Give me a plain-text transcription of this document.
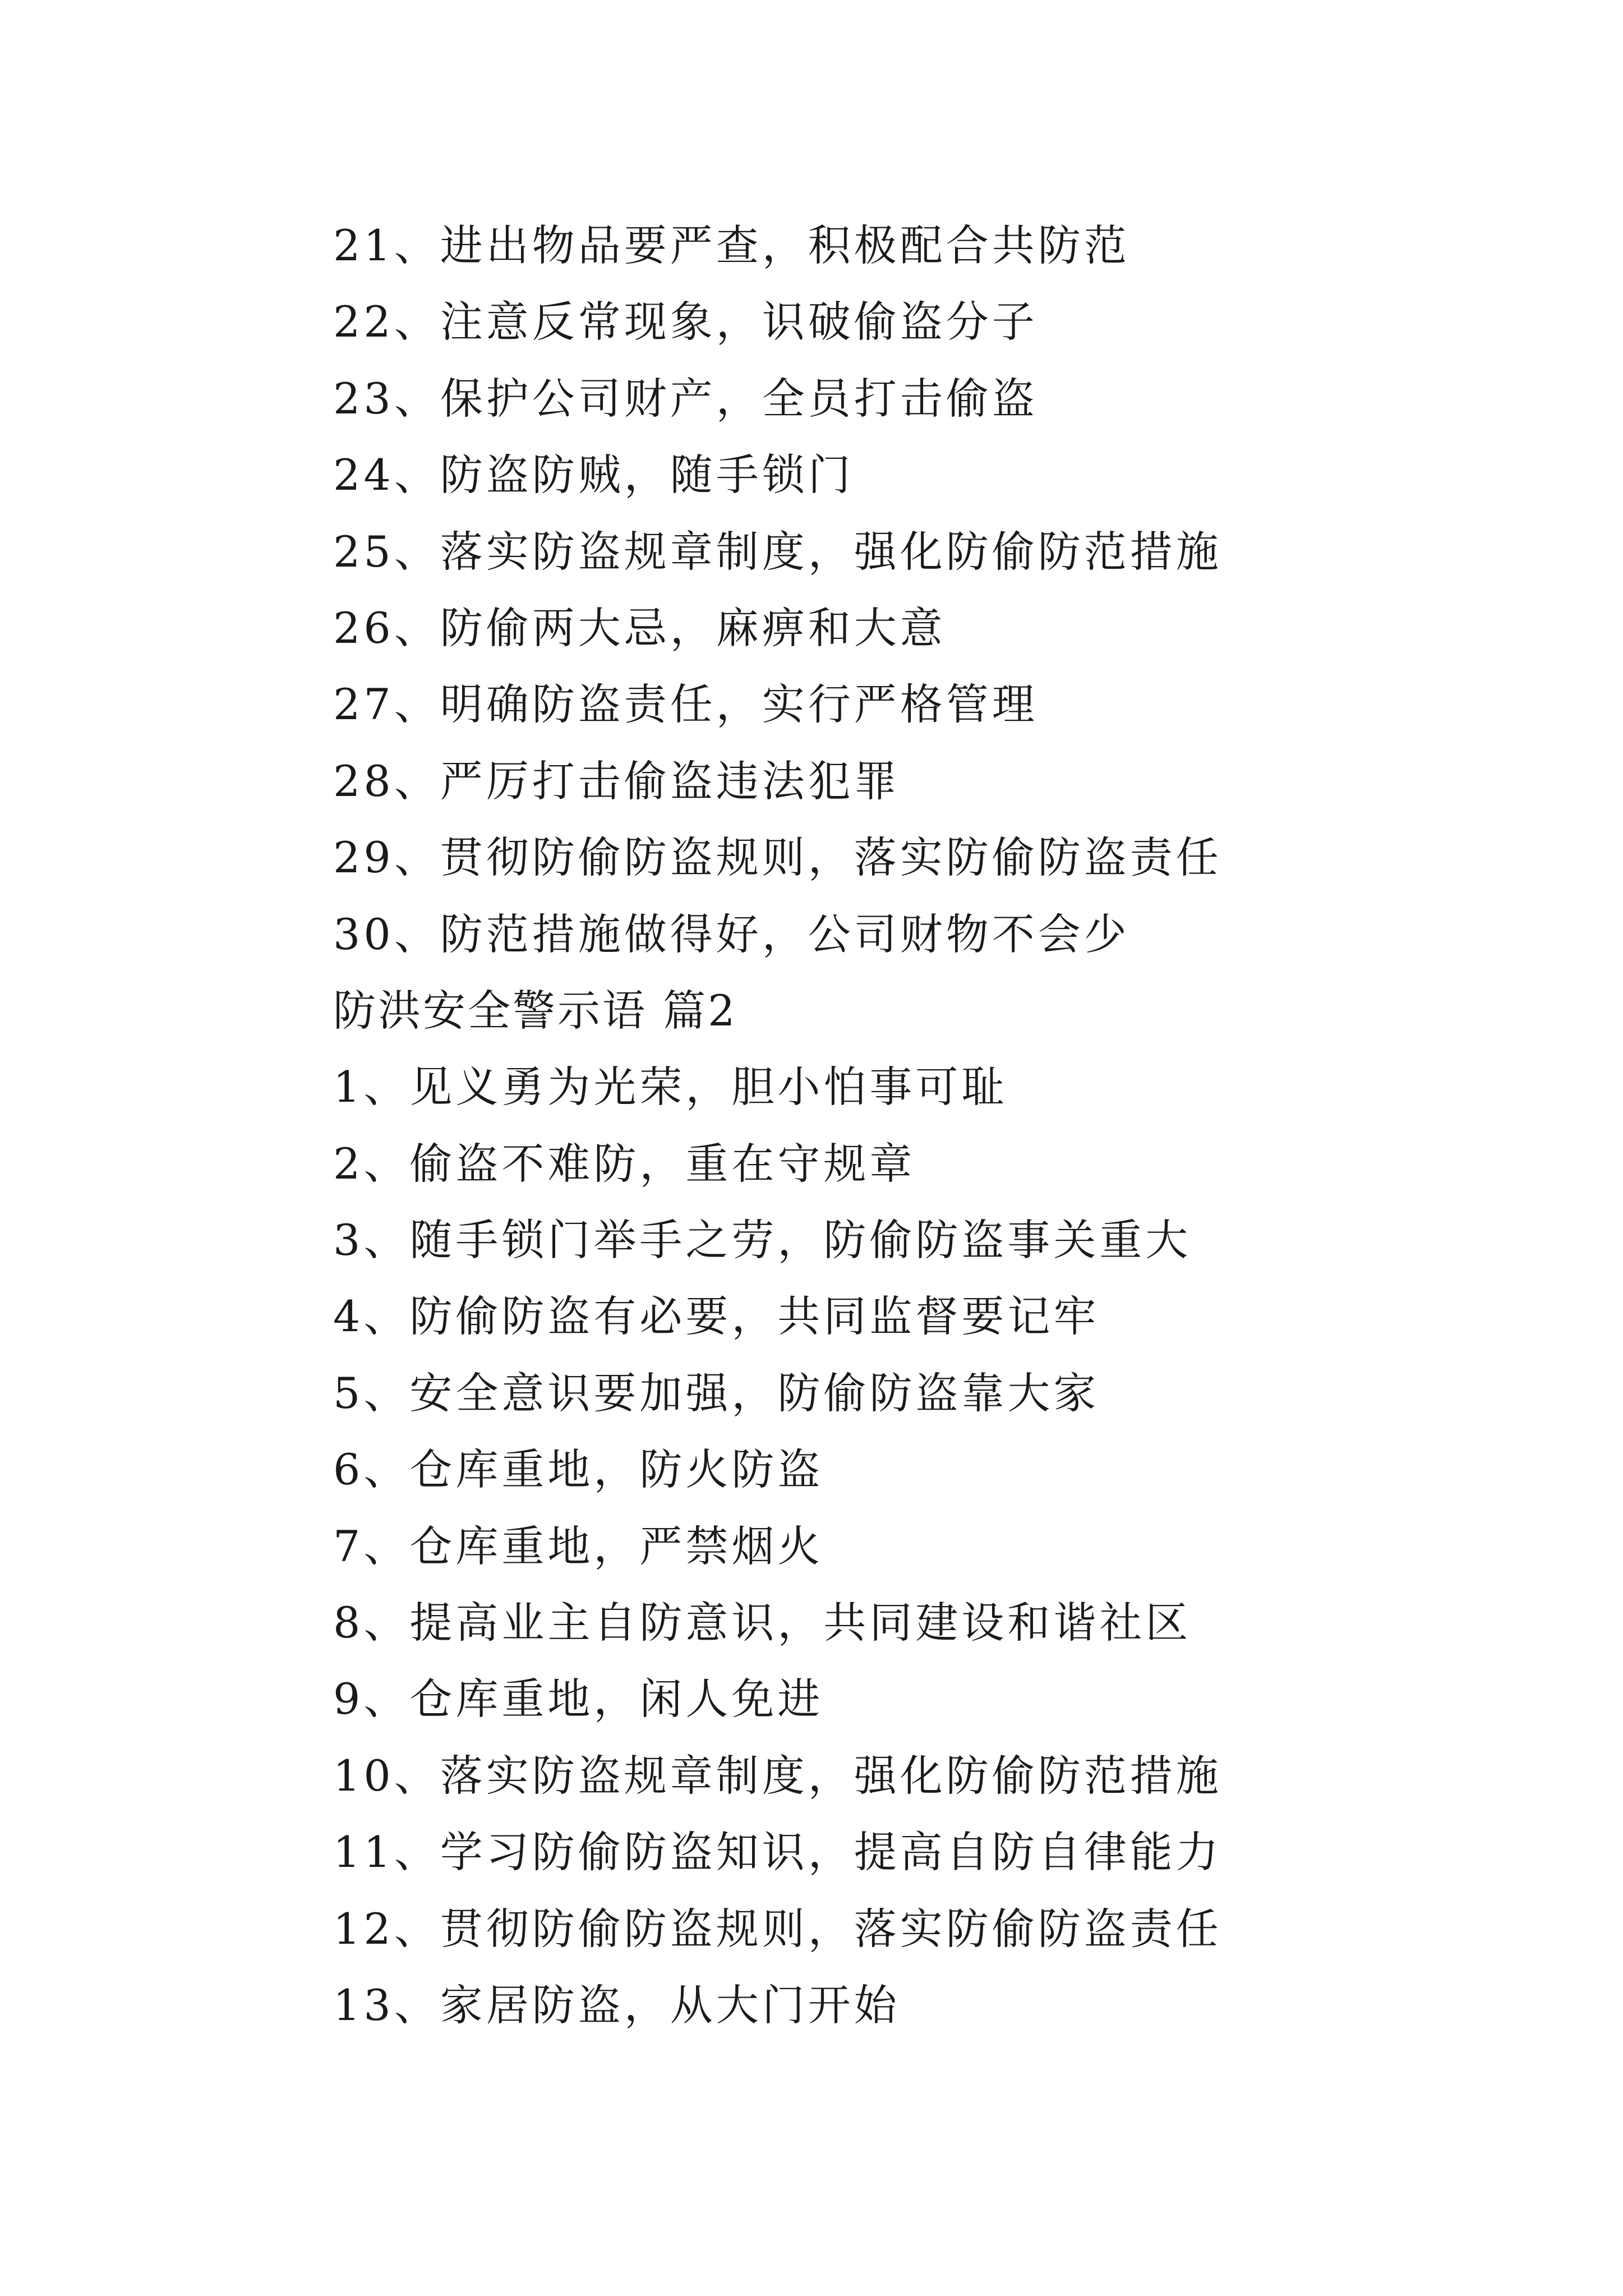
21、进出物品要严查，积极配合共防范
22、注意反常现象，识破偷盗分子
23、保护公司财产，全员打击偷盗
24、防盗防贼，随手锁门
25、落实防盗规章制度，强化防偷防范措施
26、防偷两大忌，麻痹和大意
27、明确防盗责任，实行严格管理
28、严厉打击偷盗违法犯罪
29、贯彻防偷防盗规则，落实防偷防盗责任
30、防范措施做得好，公司财物不会少
防洪安全警示语 篇2
1、见义勇为光荣，胆小怕事可耻
2、偷盗不难防，重在守规章
3、随手锁门举手之劳，防偷防盗事关重大
4、防偷防盗有必要，共同监督要记牢
5、安全意识要加强，防偷防盗靠大家
6、仓库重地，防火防盗
7、仓库重地，严禁烟火
8、提高业主自防意识，共同建设和谐社区
9、仓库重地，闲人免进
10、落实防盗规章制度，强化防偷防范措施
11、学习防偷防盗知识，提高自防自律能力
12、贯彻防偷防盗规则，落实防偷防盗责任
13、家居防盗，从大门开始
